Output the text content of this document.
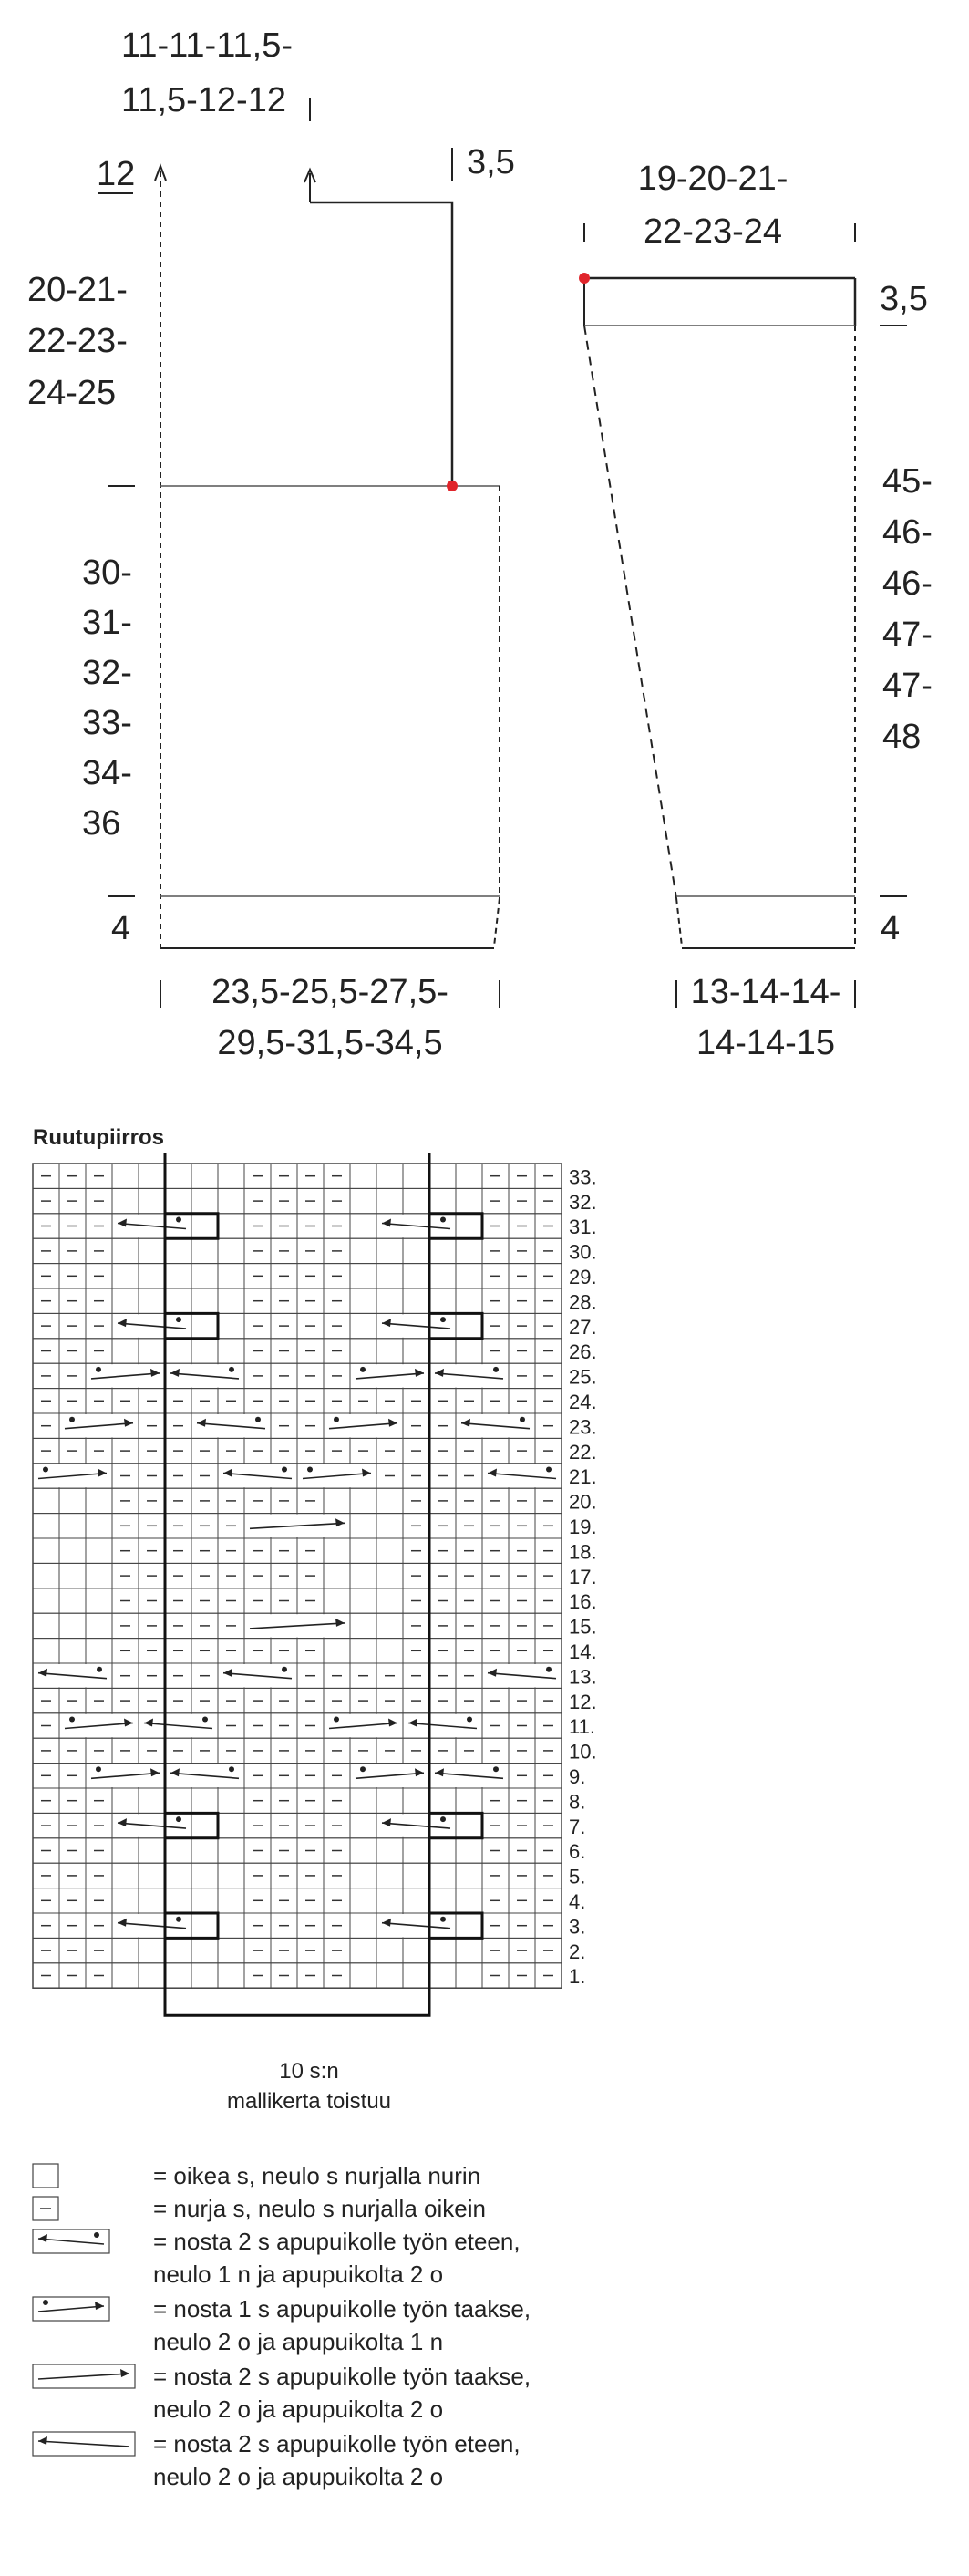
11-11-11,5-
11,5-12-12
12
20-21-
22-23-
24-25
30-
31-
32-
33-
34-
36
4
3,5
23,5-25,5-27,5-
29,5-31,5-34,5
19-20-21-
22-23-24
3,5
45-
46-
46-
47-
47-
48
4
13-14-14-
14-14-15
Ruutupiirros
1.
2.
3.
4.
5.
6.
7.
8.
9.
10.
11.
12.
13.
14.
15.
16.
17.
18.
19.
20.
21.
22.
23.
24.
25.
26.
27.
28.
29.
30.
31.
32.
33.
10 s:n
mallikerta toistuu
= oikea s, neulo s nurjalla nurin
= nurja s, neulo s nurjalla oikein
= nosta 2 s apupuikolle työn eteen,
neulo 1 n ja apupuikolta 2 o
= nosta 1 s apupuikolle työn taakse,
neulo 2 o ja apupuikolta 1 n
= nosta 2 s apupuikolle työn taakse,
neulo 2 o ja apupuikolta 2 o
= nosta 2 s apupuikolle työn eteen,
neulo 2 o ja apupuikolta 2 o
